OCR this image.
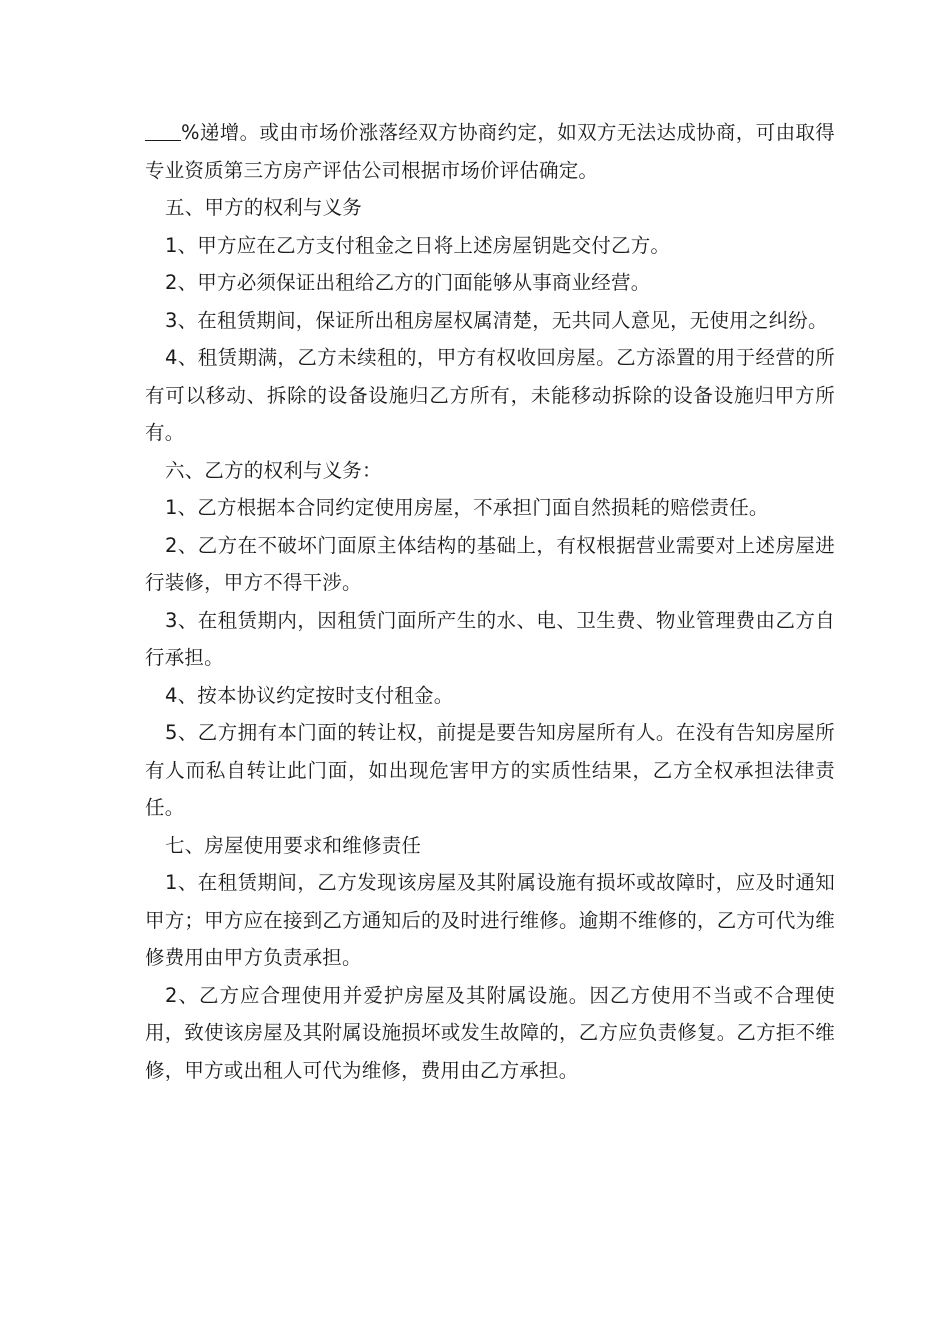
%递增。或由市场价涨落经双方协商约定，如双方无法达成协商，可由取得专业资质第三方房产评估公司根据市场价评估确定。

五、甲方的权利与义务

1、甲方应在乙方支付租金之日将上述房屋钥匙交付乙方。

2、甲方必须保证出租给乙方的门面能够从事商业经营。

3、在租赁期间，保证所出租房屋权属清楚，无共同人意见，无使用之纠纷。

4、租赁期满，乙方未续租的，甲方有权收回房屋。乙方添置的用于经营的所有可以移动、拆除的设备设施归乙方所有，未能移动拆除的设备设施归甲方所有。

六、乙方的权利与义务：

1、乙方根据本合同约定使用房屋，不承担门面自然损耗的赔偿责任。

2、乙方在不破坏门面原主体结构的基础上，有权根据营业需要对上述房屋进行装修，甲方不得干涉。

3、在租赁期内，因租赁门面所产生的水、电、卫生费、物业管理费由乙方自行承担。

4、按本协议约定按时支付租金。

5、乙方拥有本门面的转让权，前提是要告知房屋所有人。在没有告知房屋所有人而私自转让此门面，如出现危害甲方的实质性结果，乙方全权承担法律责任。

七、房屋使用要求和维修责任

1、在租赁期间，乙方发现该房屋及其附属设施有损坏或故障时，应及时通知甲方；甲方应在接到乙方通知后的及时进行维修。逾期不维修的，乙方可代为维修费用由甲方负责承担。

2、乙方应合理使用并爱护房屋及其附属设施。因乙方使用不当或不合理使用，致使该房屋及其附属设施损坏或发生故障的，乙方应负责修复。乙方拒不维修，甲方或出租人可代为维修，费用由乙方承担。
